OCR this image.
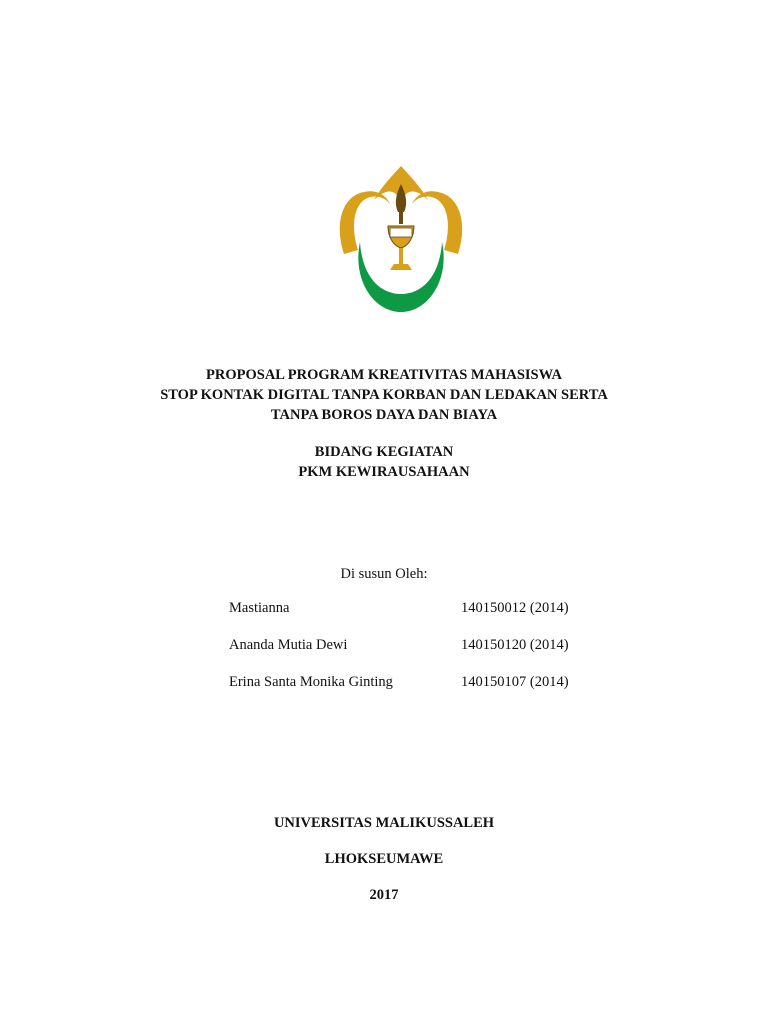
PROPOSAL PROGRAM KREATIVITAS MAHASISWA
STOP KONTAK DIGITAL TANPA KORBAN DAN LEDAKAN SERTA
TANPA BOROS DAYA DAN BIAYA
BIDANG KEGIATAN
PKM KEWIRAUSAHAAN
Di susun Oleh:
Mastianna	140150012 (2014)
Ananda Mutia Dewi	140150120 (2014)
Erina Santa Monika Ginting	140150107 (2014)
UNIVERSITAS MALIKUSSALEH
LHOKSEUMAWE
2017
